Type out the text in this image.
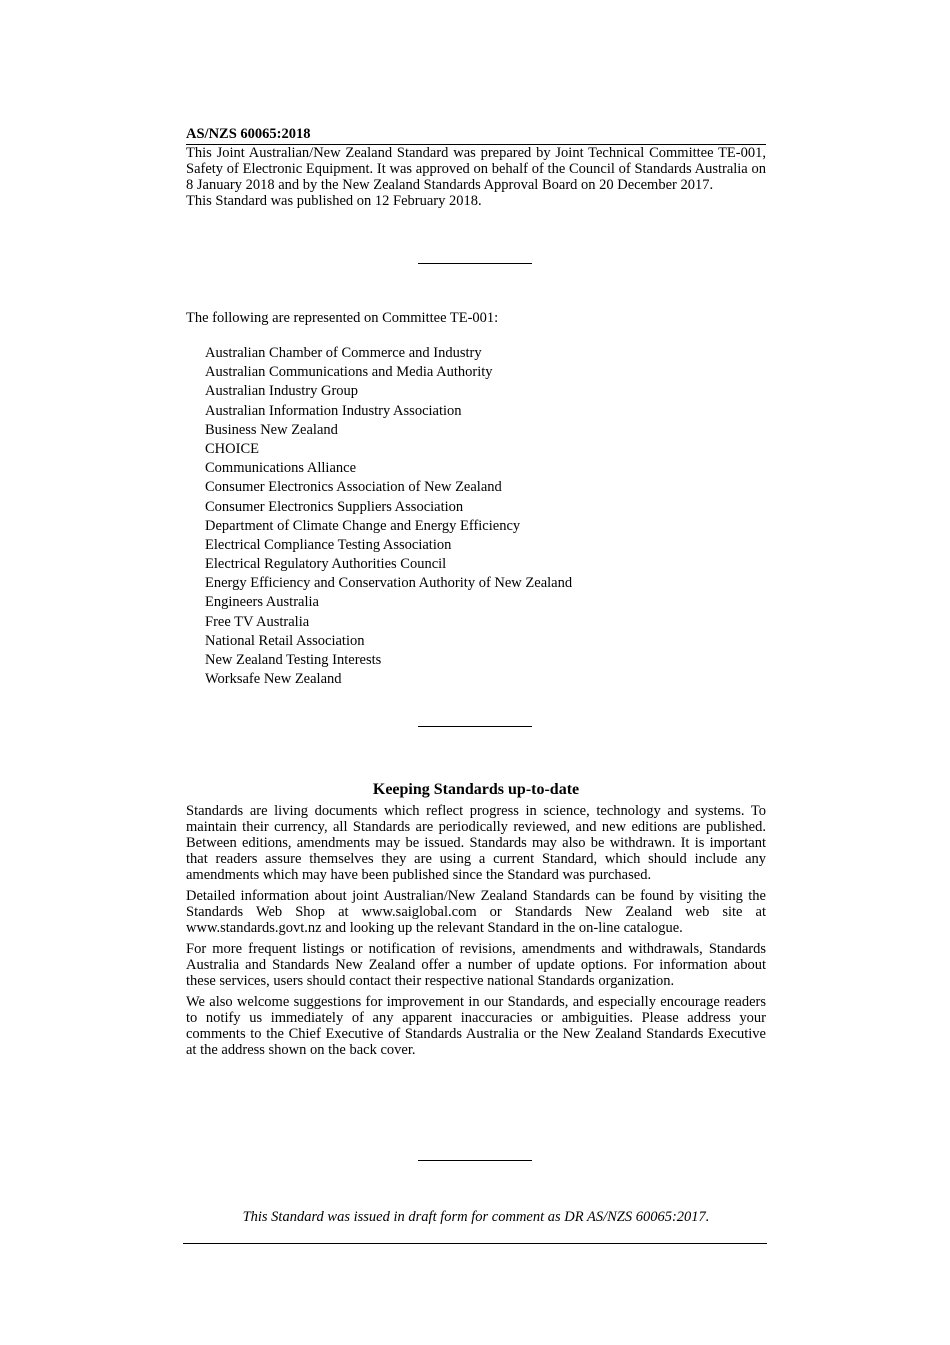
AS/NZS 60065:2018

This Joint Australian/New Zealand Standard was prepared by Joint Technical Committee TE-001, Safety of Electronic Equipment. It was approved on behalf of the Council of Standards Australia on 8 January 2018 and by the New Zealand Standards Approval Board on 20 December 2017.

This Standard was published on 12 February 2018.

The following are represented on Committee TE-001:
Australian Chamber of Commerce and Industry
Australian Communications and Media Authority
Australian Industry Group
Australian Information Industry Association
Business New Zealand
CHOICE
Communications Alliance
Consumer Electronics Association of New Zealand
Consumer Electronics Suppliers Association
Department of Climate Change and Energy Efficiency
Electrical Compliance Testing Association
Electrical Regulatory Authorities Council
Energy Efficiency and Conservation Authority of New Zealand
Engineers Australia
Free TV Australia
National Retail Association
New Zealand Testing Interests
Worksafe New Zealand
Keeping Standards up-to-date

Standards are living documents which reflect progress in science, technology and systems. To maintain their currency, all Standards are periodically reviewed, and new editions are published. Between editions, amendments may be issued. Standards may also be withdrawn. It is important that readers assure themselves they are using a current Standard, which should include any amendments which may have been published since the Standard was purchased.

Detailed information about joint Australian/New Zealand Standards can be found by visiting the Standards Web Shop at www.saiglobal.com or Standards New Zealand web site at www.standards.govt.nz and looking up the relevant Standard in the on-line catalogue.

For more frequent listings or notification of revisions, amendments and withdrawals, Standards Australia and Standards New Zealand offer a number of update options. For information about these services, users should contact their respective national Standards organization.

We also welcome suggestions for improvement in our Standards, and especially encourage readers to notify us immediately of any apparent inaccuracies or ambiguities. Please address your comments to the Chief Executive of Standards Australia or the New Zealand Standards Executive at the address shown on the back cover.

This Standard was issued in draft form for comment as DR AS/NZS 60065:2017.
